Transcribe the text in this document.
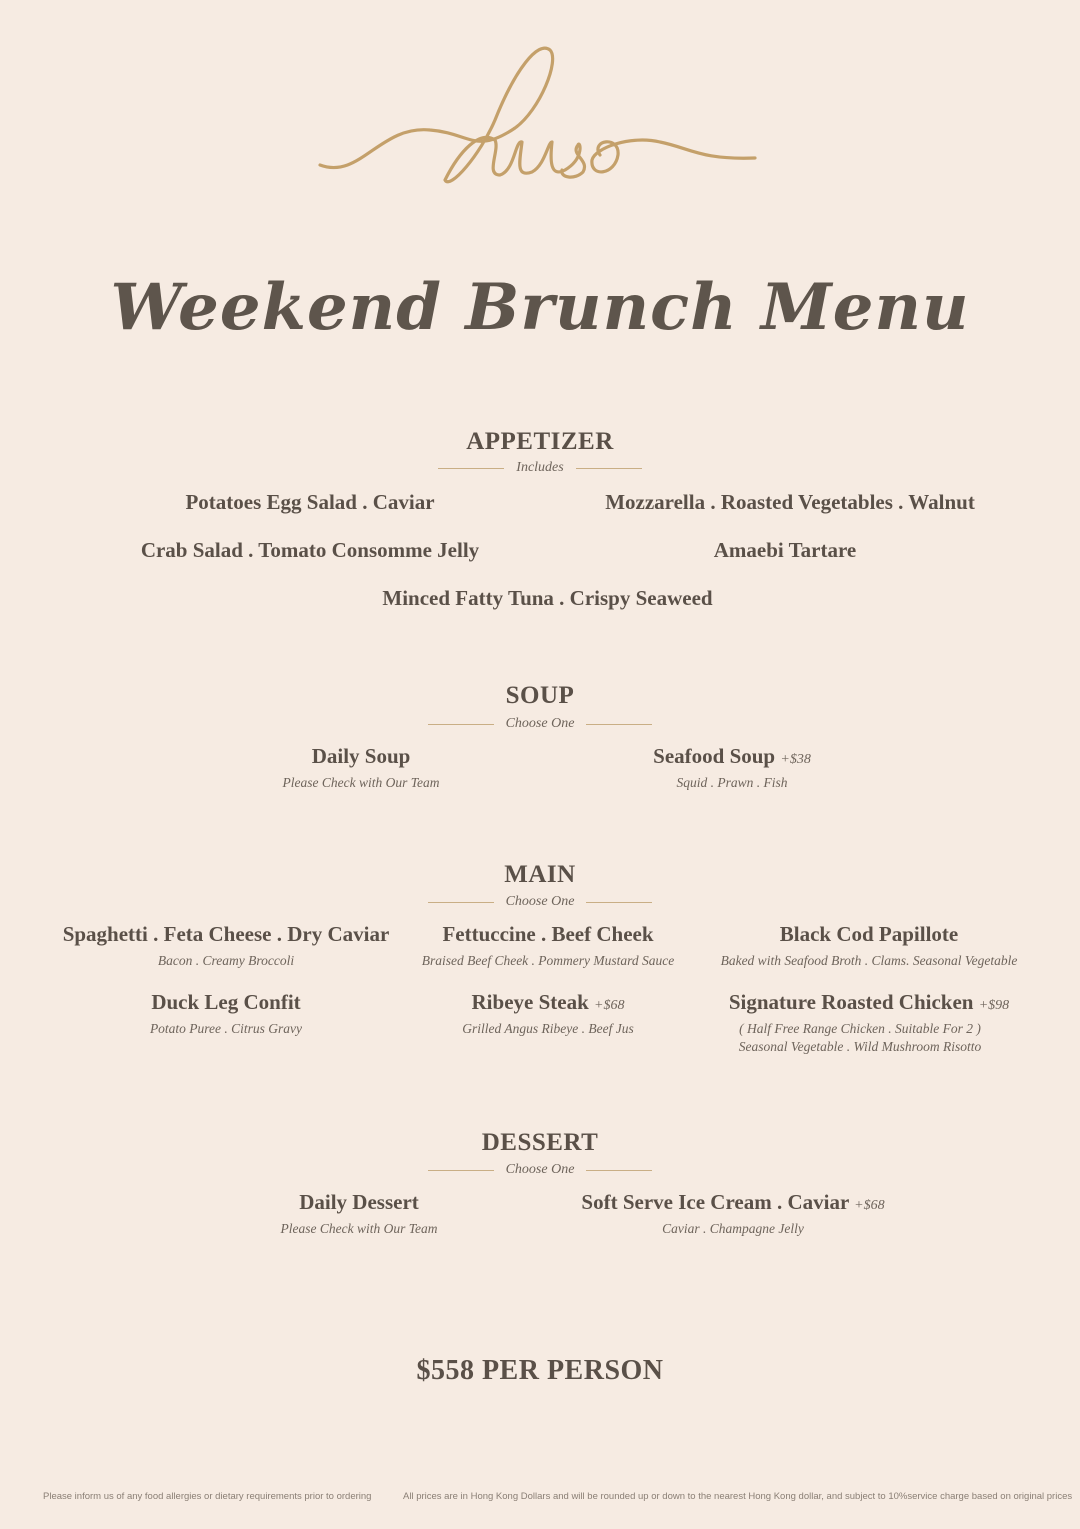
Weekend Brunch Menu
APPETIZER
Includes
Potatoes Egg Salad . Caviar	Mozzarella . Roasted Vegetables . Walnut
Crab Salad . Tomato Consomme Jelly	Amaebi Tartare
Minced Fatty Tuna . Crispy Seaweed
SOUP
Choose One
Daily Soup
Please Check with Our Team
Seafood Soup +$38
Squid . Prawn . Fish
MAIN
Choose One
Spaghetti . Feta Cheese . Dry Caviar
Bacon . Creamy Broccoli
Fettuccine . Beef Cheek
Braised Beef Cheek . Pommery Mustard Sauce
Black Cod Papillote
Baked with Seafood Broth . Clams. Seasonal Vegetable
Duck Leg Confit
Potato Puree . Citrus Gravy
Ribeye Steak +$68
Grilled Angus Ribeye . Beef Jus
Signature Roasted Chicken +$98
( Half Free Range Chicken . Suitable For 2 )
Seasonal Vegetable . Wild Mushroom Risotto
DESSERT
Choose One
Daily Dessert
Please Check with Our Team
Soft Serve Ice Cream . Caviar +$68
Caviar . Champagne Jelly
$558 PER PERSON
Please inform us of any food allergies or dietary requirements prior to ordering	All prices are in Hong Kong Dollars and will be rounded up or down to the nearest Hong Kong dollar, and subject to 10%service charge based on original prices
